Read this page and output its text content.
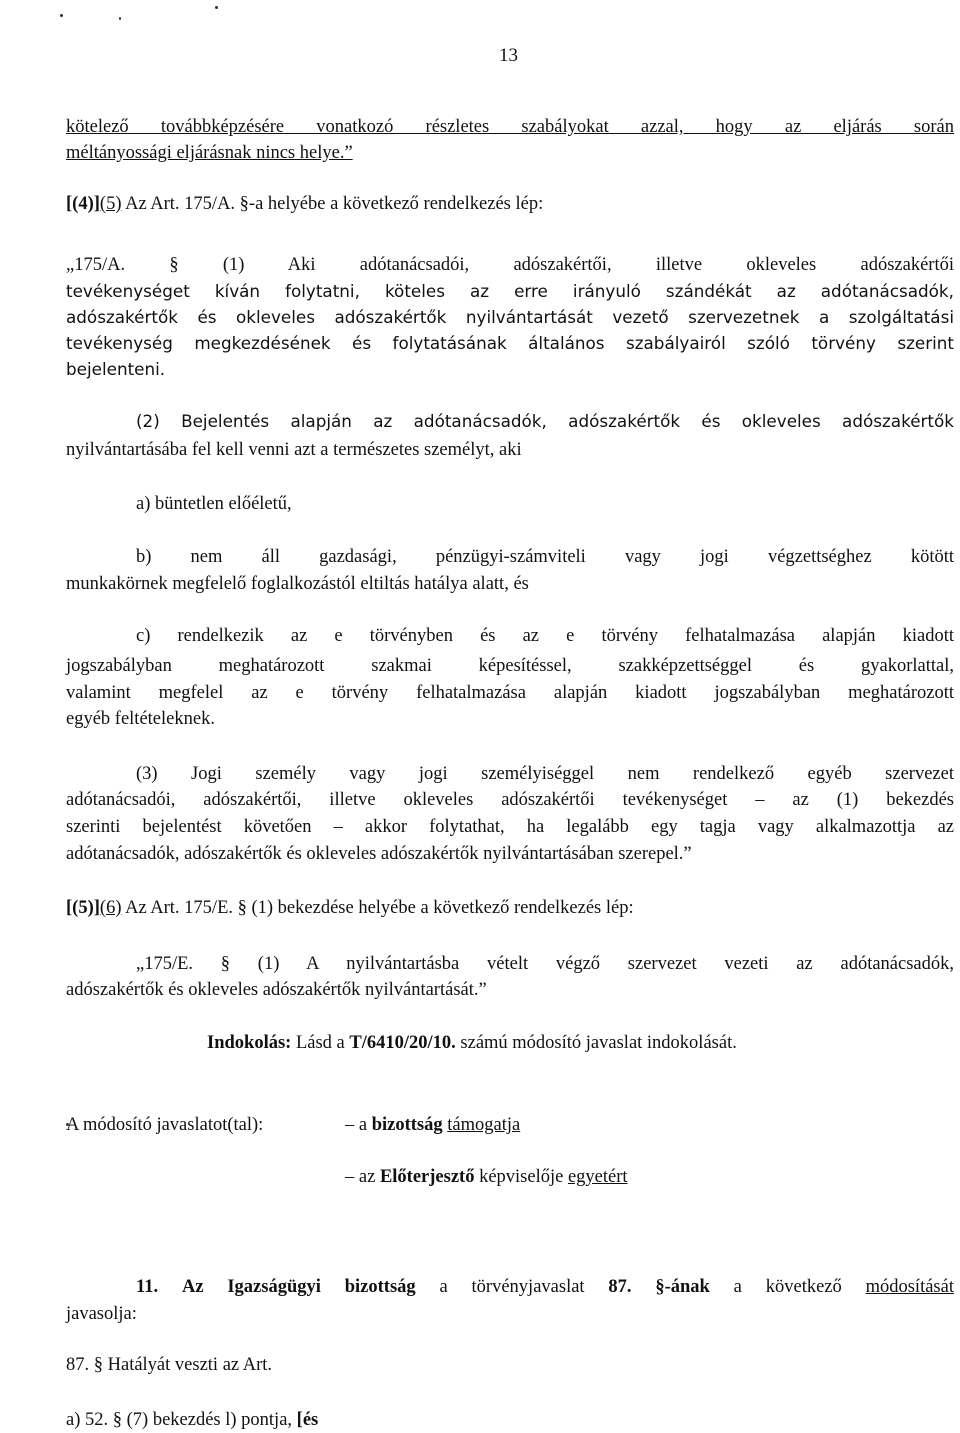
13
kötelező továbbképzésére vonatkozó részletes szabályokat azzal, hogy az eljárás során
méltányossági eljárásnak nincs helye.”
[(4)](5) Az Art. 175/A. §-a helyébe a következő rendelkezés lép:
„175/A. § (1) Aki adótanácsadói, adószakértői, illetve okleveles adószakértői
tevékenységet kíván folytatni, köteles az erre irányuló szándékát az adótanácsadók,
adószakértők és okleveles adószakértők nyilvántartását vezető szervezetnek a szolgáltatási
tevékenység megkezdésének és folytatásának általános szabályairól szóló törvény szerint
bejelenteni.
(2) Bejelentés alapján az adótanácsadók, adószakértők és okleveles adószakértők
nyilvántartásába fel kell venni azt a természetes személyt, aki
a) büntetlen előéletű,
b) nem áll gazdasági, pénzügyi-számviteli vagy jogi végzettséghez kötött
munkakörnek megfelelő foglalkozástól eltiltás hatálya alatt, és
c) rendelkezik az e törvényben és az e törvény felhatalmazása alapján kiadott
jogszabályban meghatározott szakmai képesítéssel, szakképzettséggel és gyakorlattal,
valamint megfelel az e törvény felhatalmazása alapján kiadott jogszabályban meghatározott
egyéb feltételeknek.
(3) Jogi személy vagy jogi személyiséggel nem rendelkező egyéb szervezet
adótanácsadói, adószakértői, illetve okleveles adószakértői tevékenységet – az (1) bekezdés
szerinti bejelentést követően – akkor folytathat, ha legalább egy tagja vagy alkalmazottja az
adótanácsadók, adószakértők és okleveles adószakértők nyilvántartásában szerepel.”
[(5)](6) Az Art. 175/E. § (1) bekezdése helyébe a következő rendelkezés lép:
„175/E. § (1) A nyilvántartásba vételt végző szervezet vezeti az adótanácsadók,
adószakértők és okleveles adószakértők nyilvántartását.”
Indokolás: Lásd a T/6410/20/10. számú módosító javaslat indokolását.
A módosító javaslatot(tal):	– a bizottság támogatja
– az Előterjesztő képviselője egyetért
11. Az Igazságügyi bizottság a törvényjavaslat 87. §-ának a következő módosítását
javasolja:
87. § Hatályát veszti az Art.
a) 52. § (7) bekezdés l) pontja, [és
